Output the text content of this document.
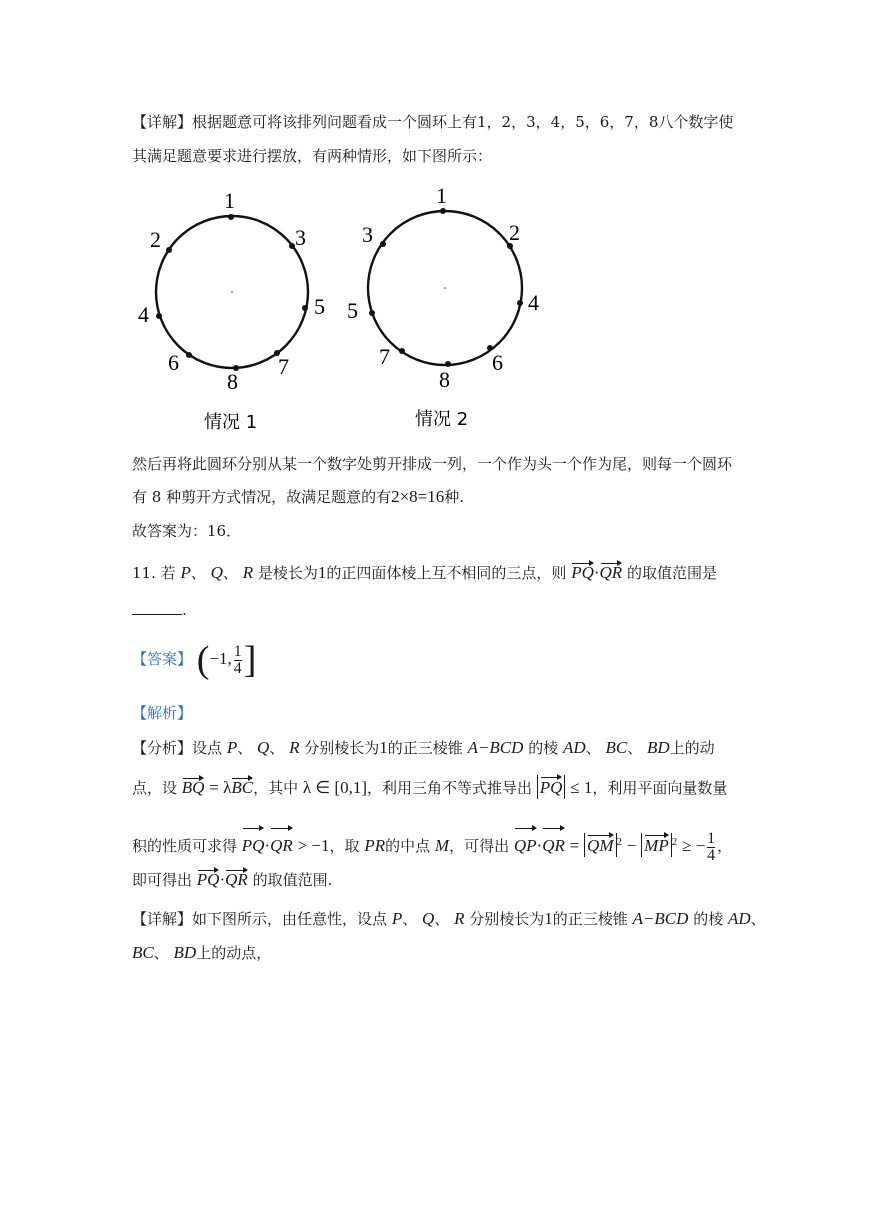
【详解】根据题意可将该排列问题看成一个圆环上有1，2，3，4，5，6，7，8八个数字使
其满足题意要求进行摆放，有两种情形，如下图所示：
1
3
5
7
8
6
4
2
情况 1
1
2
4
6
8
7
5
3
情况 2
然后再将此圆环分别从某一个数字处剪开排成一列，一个作为头一个作为尾，则每一个圆环
有 8 种剪开方式情况，故满足题意的有2×8=16种.
故答案为：16．
11. 若 P、 Q、 R 是棱长为1的正四面体棱上互不相同的三点，则 PQ·QR 的取值范围是
.
【答案】 (−1, $\frac{1}{4}$ ]
【解析】
【分析】设点 P、 Q、 R 分别棱长为1的正三棱锥 A−BCD 的棱 AD、 BC、 BD上的动
点，设 BQ = λBC，其中 λ ∈ [0,1]，利用三角不等式推导出 PQ ≤ 1，利用平面向量数量
积的性质可求得 PQ·QR > −1，取 PR的中点 M，可得出 QP·QR = QM $^2$ − MP $^2$ ≥ − $\frac{1}{4}$ ，
即可得出 PQ·QR 的取值范围.
【详解】如下图所示，由任意性，设点 P、 Q、 R 分别棱长为1的正三棱锥 A−BCD 的棱 AD、
BC、 BD上的动点，
